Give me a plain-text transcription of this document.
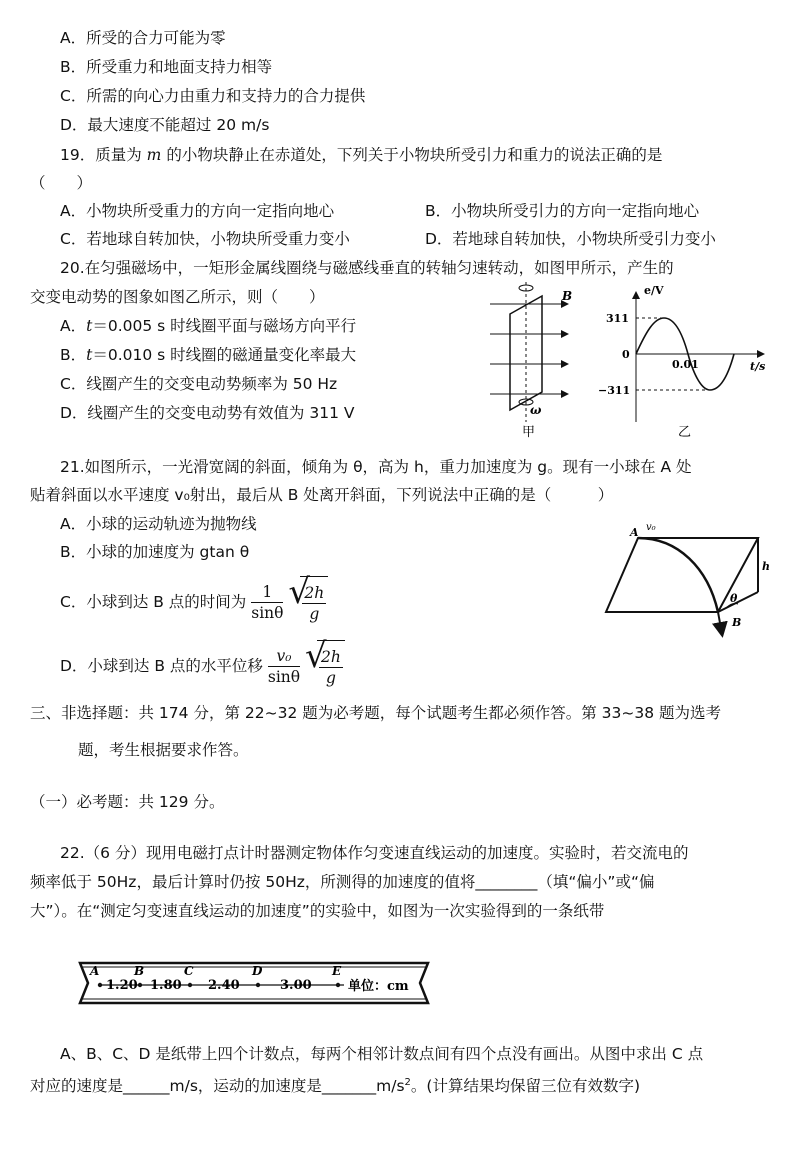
A．所受的合力可能为零
B．所受重力和地面支持力相等
C．所需的向心力由重力和支持力的合力提供
D．最大速度不能超过 20 m/s
19．质量为 m 的小物块静止在赤道处，下列关于小物块所受引力和重力的说法正确的是
（　　）
A．小物块所受重力的方向一定指向地心	B．小物块所受引力的方向一定指向地心
C．若地球自转加快，小物块所受重力变小	D．若地球自转加快，小物块所受引力变小
20.在匀强磁场中，一矩形金属线圈绕与磁感线垂直的转轴匀速转动，如图甲所示，产生的
交变电动势的图象如图乙所示，则（　　）
A．t＝0.005 s 时线圈平面与磁场方向平行
B．t＝0.010 s 时线圈的磁通量变化率最大
C．线圈产生的交变电动势频率为 50 Hz
D．线圈产生的交变电动势有效值为 311 V
B
ω
甲
e/V
311
0
−311
0.01	t/s
乙
21.如图所示，一光滑宽阔的斜面，倾角为 θ，高为 h，重力加速度为 g。现有一小球在 A 处
贴着斜面以水平速度 v₀射出，最后从 B 处离开斜面，下列说法中正确的是（　　　）
A．小球的运动轨迹为抛物线
B．小球的加速度为 gtan θ
C．小球到达 B 点的时间为 $\frac{1}{\sin\theta}$
√
$\frac{2h}{g}$
D．小球到达 B 点的水平位移 $\frac{\text{v₀}}{\sin\theta}$
√
$\frac{2h}{g}$
A v₀
h
θ
B
三、非选择题：共 174 分，第 22~32 题为必考题，每个试题考生都必须作答。第 33~38 题为选考
题，考生根据要求作答。
（一）必考题：共 129 分。
22.（6 分）现用电磁打点计时器测定物体作匀变速直线运动的加速度。实验时，若交流电的
频率低于 50Hz，最后计算时仍按 50Hz，所测得的加速度的值将________（填“偏小”或“偏
大”）。在“测定匀变速直线运动的加速度”的实验中，如图为一次实验得到的一条纸带
A	B	C	D	E
1.20 1.80 2.40	3.00	单位：cm
A、B、C、D 是纸带上四个计数点，每两个相邻计数点间有四个点没有画出。从图中求出 C 点
对应的速度是______m/s，运动的加速度是$\_\_\_\_\_\_\_m/s^2$。(计算结果均保留三位有效数字)
